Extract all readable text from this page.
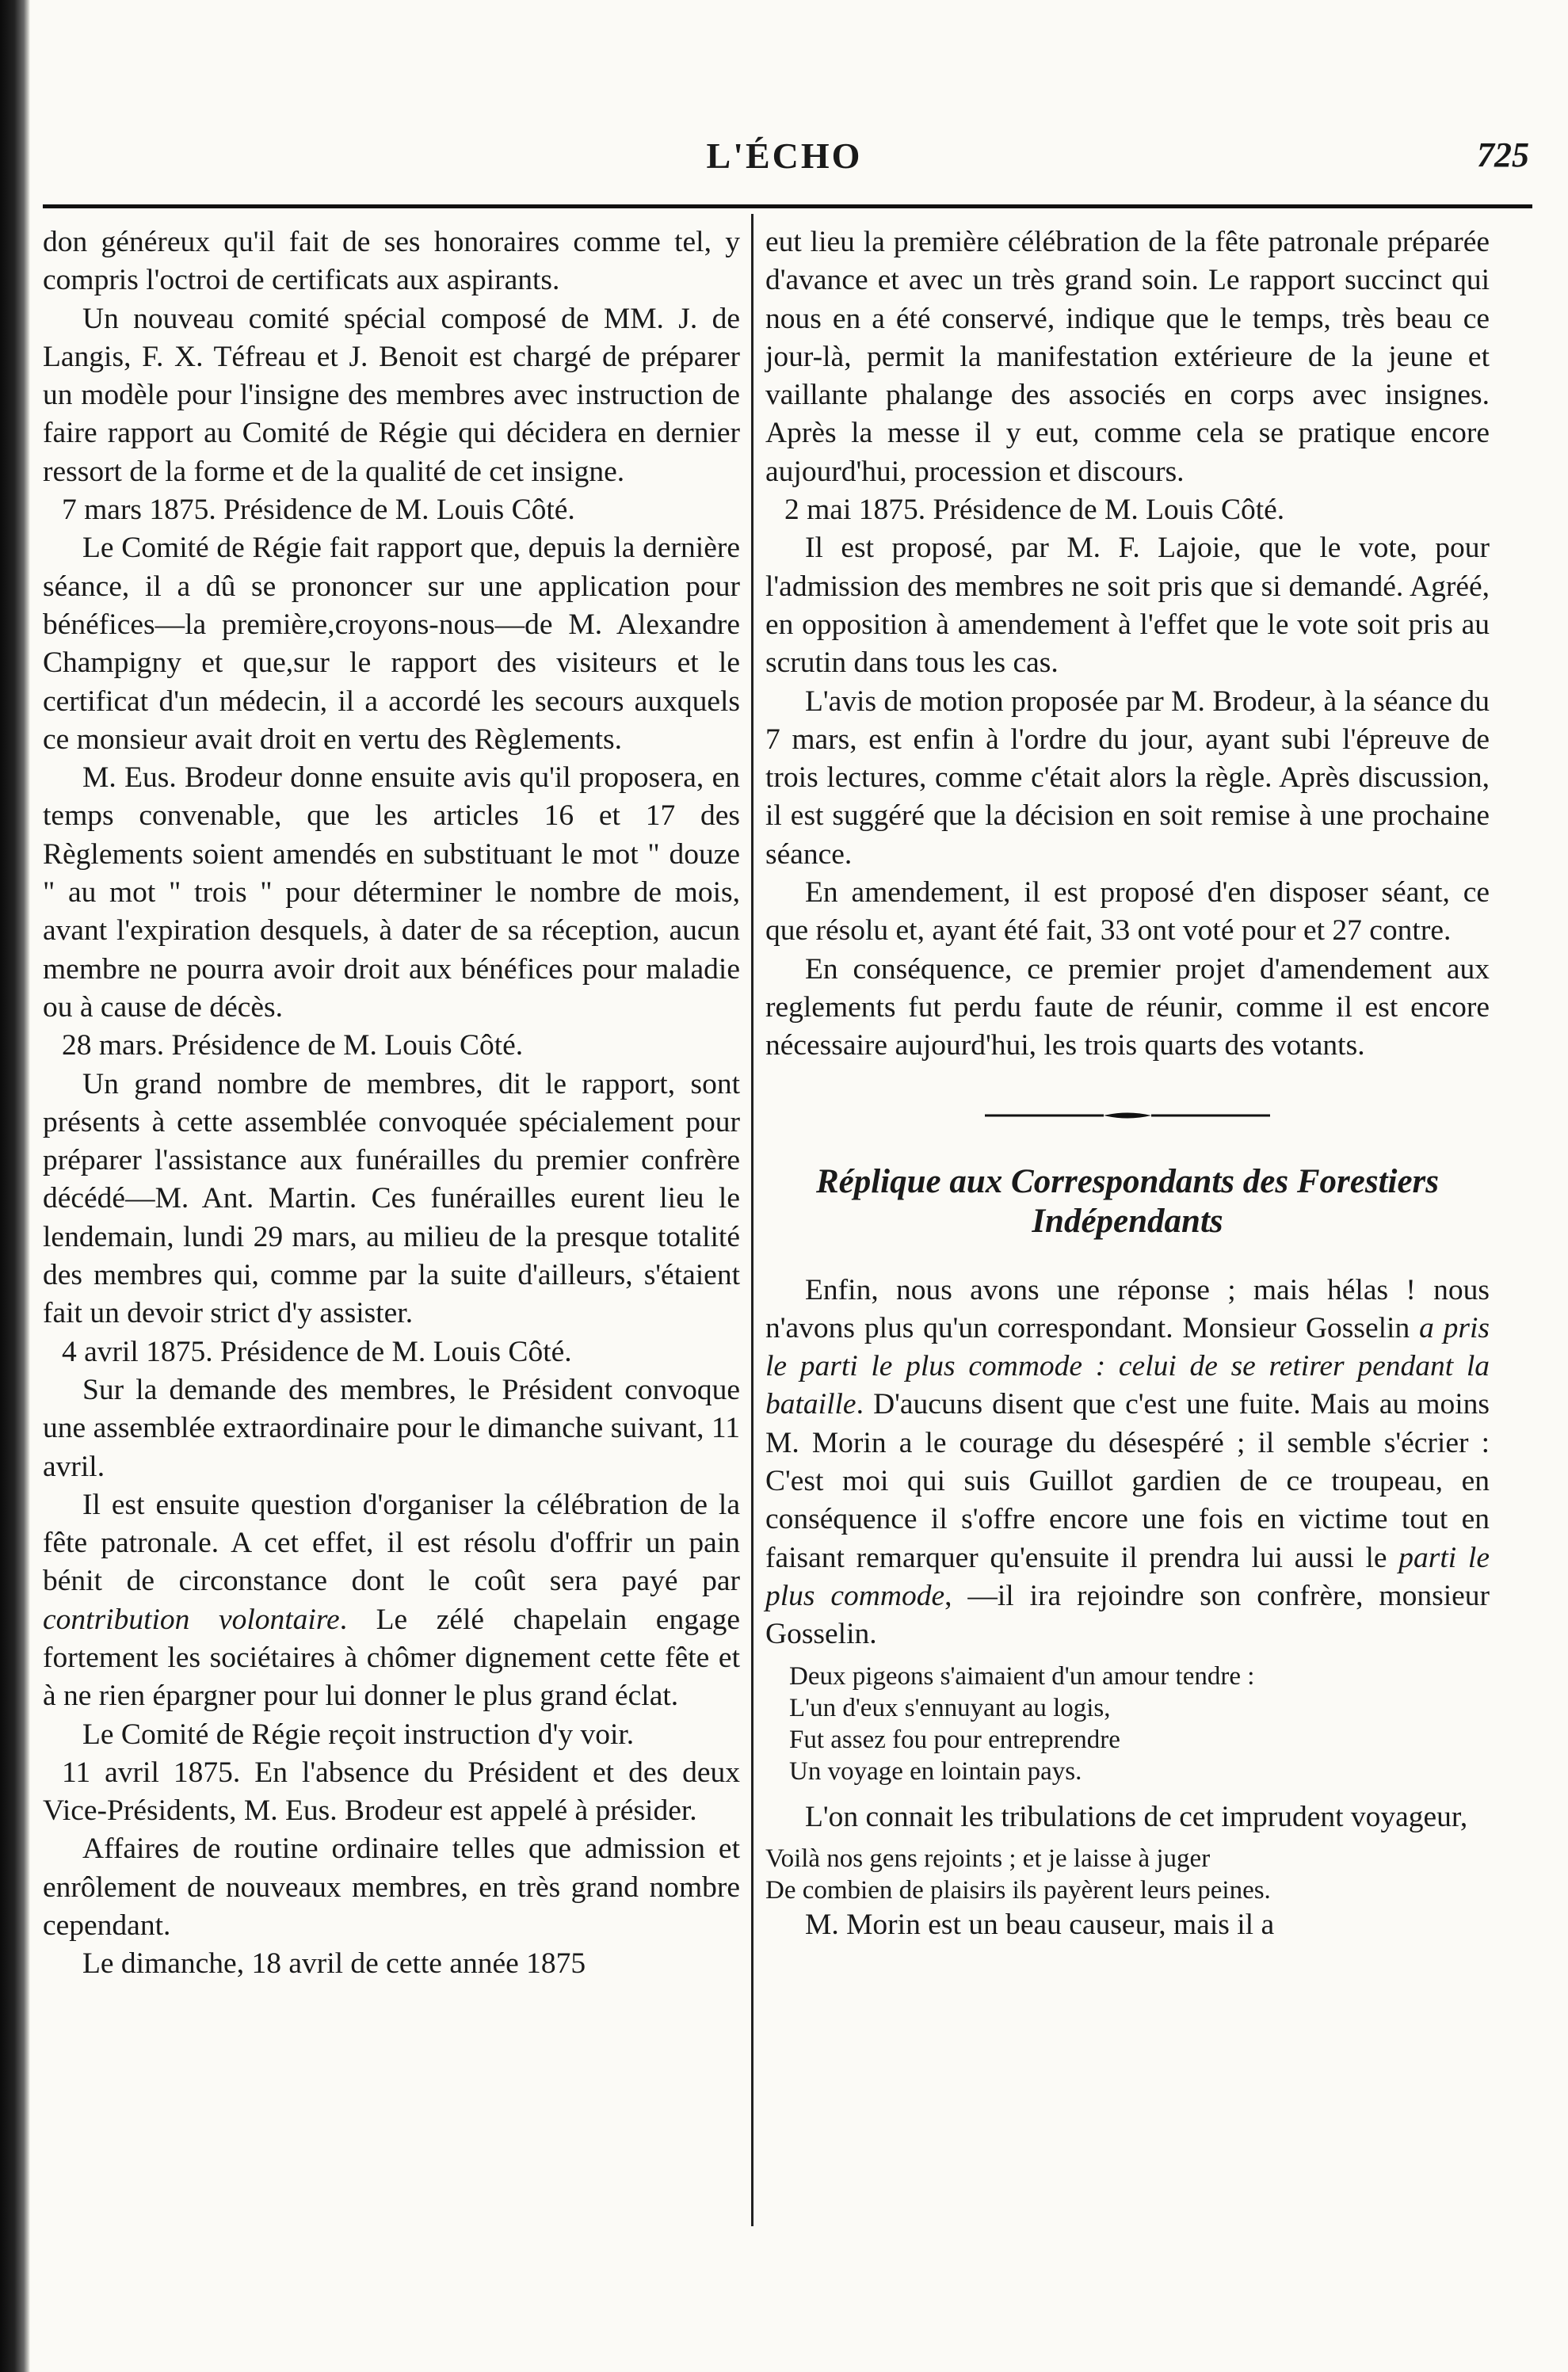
L'ÉCHO	725

don généreux qu'il fait de ses honoraires comme tel, y compris l'octroi de certificats aux aspirants.

Un nouveau comité spécial composé de MM. J. de Langis, F. X. Téfreau et J. Benoit est chargé de préparer un modèle pour l'insigne des membres avec instruction de faire rapport au Comité de Régie qui décidera en dernier ressort de la forme et de la qualité de cet insigne.

7 mars 1875. Présidence de M. Louis Côté.

Le Comité de Régie fait rapport que, depuis la dernière séance, il a dû se prononcer sur une application pour bénéfices—la première,croyons-nous—de M. Alexandre Champigny et que,sur le rapport des visiteurs et le certificat d'un médecin, il a accordé les secours auxquels ce monsieur avait droit en vertu des Règlements.

M. Eus. Brodeur donne ensuite avis qu'il proposera, en temps convenable, que les articles 16 et 17 des Règlements soient amendés en substituant le mot " douze " au mot " trois " pour déterminer le nombre de mois, avant l'expiration desquels, à dater de sa réception, aucun membre ne pourra avoir droit aux bénéfices pour maladie ou à cause de décès.

28 mars. Présidence de M. Louis Côté.

Un grand nombre de membres, dit le rapport, sont présents à cette assemblée convoquée spécialement pour préparer l'assistance aux funérailles du premier confrère décédé—M. Ant. Martin. Ces funérailles eurent lieu le lendemain, lundi 29 mars, au milieu de la presque totalité des membres qui, comme par la suite d'ailleurs, s'étaient fait un devoir strict d'y assister.

4 avril 1875. Présidence de M. Louis Côté.

Sur la demande des membres, le Président convoque une assemblée extraordinaire pour le dimanche suivant, 11 avril.

Il est ensuite question d'organiser la célébration de la fête patronale. A cet effet, il est résolu d'offrir un pain bénit de circonstance dont le coût sera payé par contribution volontaire. Le zélé chapelain engage fortement les sociétaires à chômer dignement cette fête et à ne rien épargner pour lui donner le plus grand éclat.

Le Comité de Régie reçoit instruction d'y voir.

11 avril 1875. En l'absence du Président et des deux Vice-Présidents, M. Eus. Brodeur est appelé à présider.

Affaires de routine ordinaire telles que admission et enrôlement de nouveaux membres, en très grand nombre cependant.

Le dimanche, 18 avril de cette année 1875

eut lieu la première célébration de la fête patronale préparée d'avance et avec un très grand soin. Le rapport succinct qui nous en a été conservé, indique que le temps, très beau ce jour-là, permit la manifestation extérieure de la jeune et vaillante phalange des associés en corps avec insignes. Après la messe il y eut, comme cela se pratique encore aujourd'hui, procession et discours.

2 mai 1875. Présidence de M. Louis Côté.

Il est proposé, par M. F. Lajoie, que le vote, pour l'admission des membres ne soit pris que si demandé. Agréé, en opposition à amendement à l'effet que le vote soit pris au scrutin dans tous les cas.

L'avis de motion proposée par M. Brodeur, à la séance du 7 mars, est enfin à l'ordre du jour, ayant subi l'épreuve de trois lectures, comme c'était alors la règle. Après discussion, il est suggéré que la décision en soit remise à une prochaine séance.

En amendement, il est proposé d'en disposer séant, ce que résolu et, ayant été fait, 33 ont voté pour et 27 contre.

En conséquence, ce premier projet d'amendement aux reglements fut perdu faute de réunir, comme il est encore nécessaire aujourd'hui, les trois quarts des votants.

Réplique aux Correspondants des Forestiers
Indépendants

Enfin, nous avons une réponse ; mais hélas ! nous n'avons plus qu'un correspondant. Monsieur Gosselin a pris le parti le plus commode : celui de se retirer pendant la bataille. D'aucuns disent que c'est une fuite. Mais au moins M. Morin a le courage du désespéré ; il semble s'écrier : C'est moi qui suis Guillot gardien de ce troupeau, en conséquence il s'offre encore une fois en victime tout en faisant remarquer qu'ensuite il prendra lui aussi le parti le plus commode, —il ira rejoindre son confrère, monsieur Gosselin.

Deux pigeons s'aimaient d'un amour tendre :
L'un d'eux s'ennuyant au logis,
Fut assez fou pour entreprendre
Un voyage en lointain pays.

L'on connait les tribulations de cet imprudent voyageur,

Voilà nos gens rejoints ; et je laisse à juger
De combien de plaisirs ils payèrent leurs peines.

M. Morin est un beau causeur, mais il a
